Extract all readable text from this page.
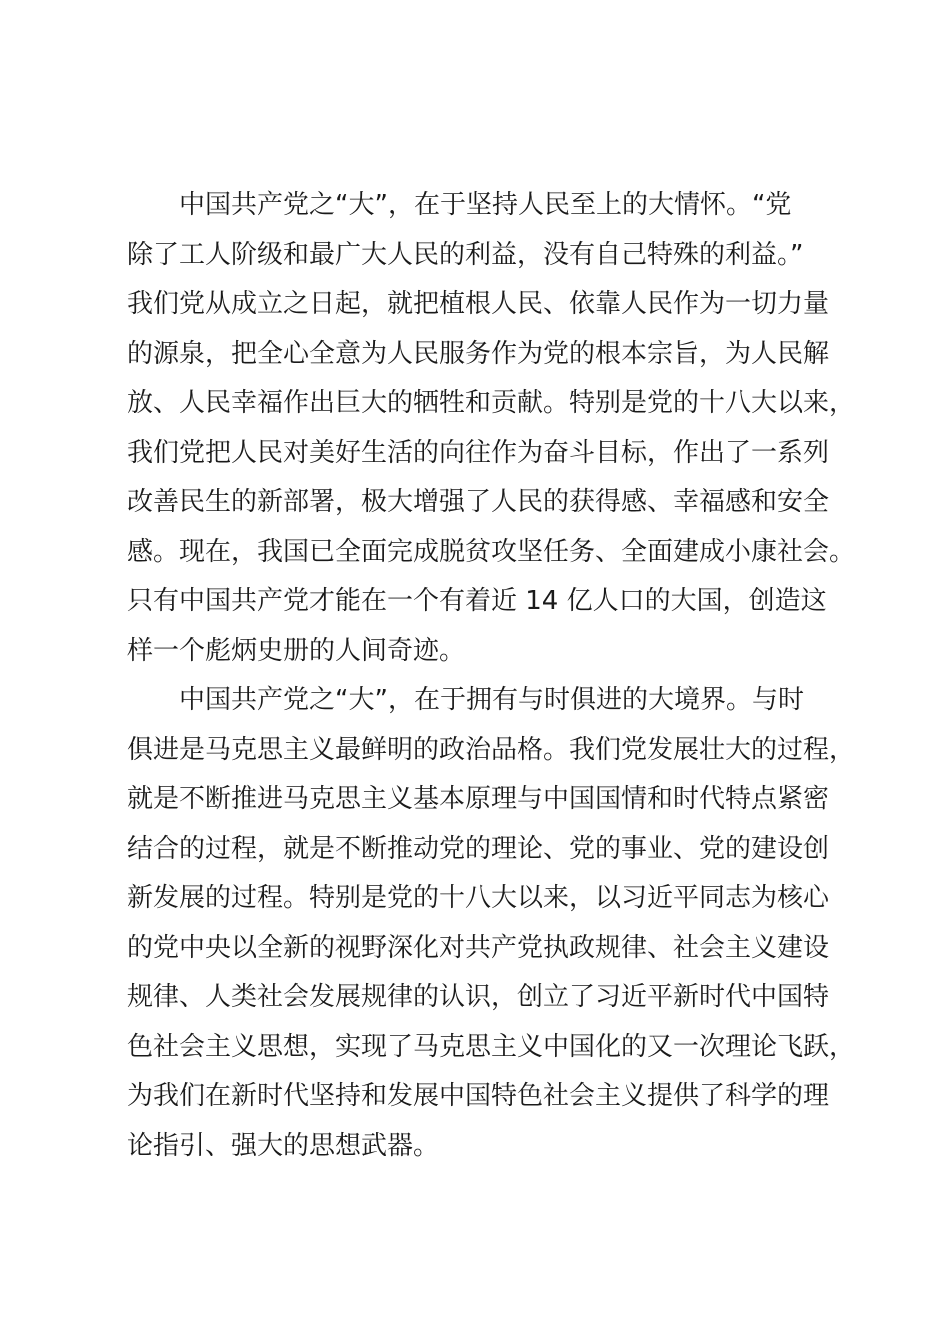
中国共产党之“大”，在于坚持人民至上的大情怀。“党
除了工人阶级和最广大人民的利益，没有自己特殊的利益。”
我们党从成立之日起，就把植根人民、依靠人民作为一切力量
的源泉，把全心全意为人民服务作为党的根本宗旨，为人民解
放、人民幸福作出巨大的牺牲和贡献。特别是党的十八大以来，
我们党把人民对美好生活的向往作为奋斗目标，作出了一系列
改善民生的新部署，极大增强了人民的获得感、幸福感和安全
感。现在，我国已全面完成脱贫攻坚任务、全面建成小康社会。
只有中国共产党才能在一个有着近 14 亿人口的大国，创造这
样一个彪炳史册的人间奇迹。
中国共产党之“大”，在于拥有与时俱进的大境界。与时
俱进是马克思主义最鲜明的政治品格。我们党发展壮大的过程，
就是不断推进马克思主义基本原理与中国国情和时代特点紧密
结合的过程，就是不断推动党的理论、党的事业、党的建设创
新发展的过程。特别是党的十八大以来，以习近平同志为核心
的党中央以全新的视野深化对共产党执政规律、社会主义建设
规律、人类社会发展规律的认识，创立了习近平新时代中国特
色社会主义思想，实现了马克思主义中国化的又一次理论飞跃，
为我们在新时代坚持和发展中国特色社会主义提供了科学的理
论指引、强大的思想武器。
